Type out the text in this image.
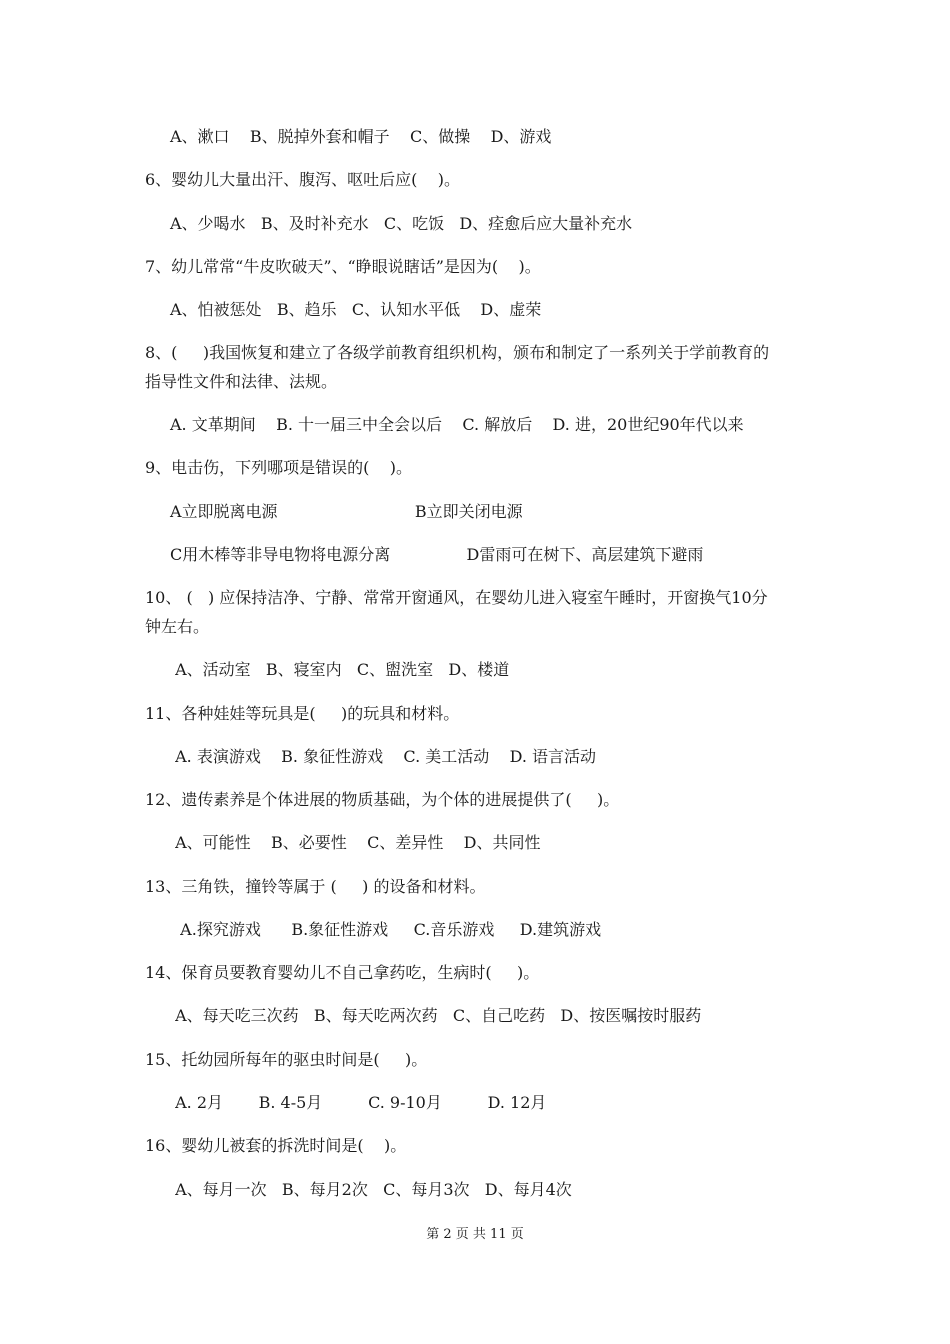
A、漱口    B、脱掉外套和帽子    C、做操    D、游戏
6、婴幼儿大量出汗、腹泻、呕吐后应(    )。
A、少喝水   B、及时补充水   C、吃饭   D、痊愈后应大量补充水
7、幼儿常常“牛皮吹破天”、“睁眼说瞎话”是因为(    )。
A、怕被惩处   B、趋乐   C、认知水平低    D、虚荣
8、(     )我国恢复和建立了各级学前教育组织机构，颁布和制定了一系列关于学前教育的
指导性文件和法律、法规。
A. 文革期间    B. 十一届三中全会以后    C. 解放后    D. 进，20世纪90年代以来
9、电击伤，下列哪项是错误的(    )。
A立即脱离电源                           B立即关闭电源
C用木棒等非导电物将电源分离               D雷雨可在树下、高层建筑下避雨
10、 (   ) 应保持洁净、宁静、常常开窗通风，在婴幼儿进入寝室午睡时，开窗换气10分
钟左右。
A、活动室   B、寝室内   C、盥洗室   D、楼道
11、各种娃娃等玩具是(     )的玩具和材料。
A. 表演游戏    B. 象征性游戏    C. 美工活动    D. 语言活动
12、遗传素养是个体进展的物质基础，为个体的进展提供了(     )。
A、可能性    B、必要性    C、差异性    D、共同性
13、三角铁，撞铃等属于 (     ) 的设备和材料。
A.探究游戏      B.象征性游戏     C.音乐游戏     D.建筑游戏
14、保育员要教育婴幼儿不自己拿药吃，生病时(     )。
A、每天吃三次药   B、每天吃两次药   C、自己吃药   D、按医嘱按时服药
15、托幼园所每年的驱虫时间是(     )。
A. 2月       B. 4-5月         C. 9-10月         D. 12月
16、婴幼儿被套的拆洗时间是(    )。
A、每月一次   B、每月2次   C、每月3次   D、每月4次
第 2 页 共 11 页
